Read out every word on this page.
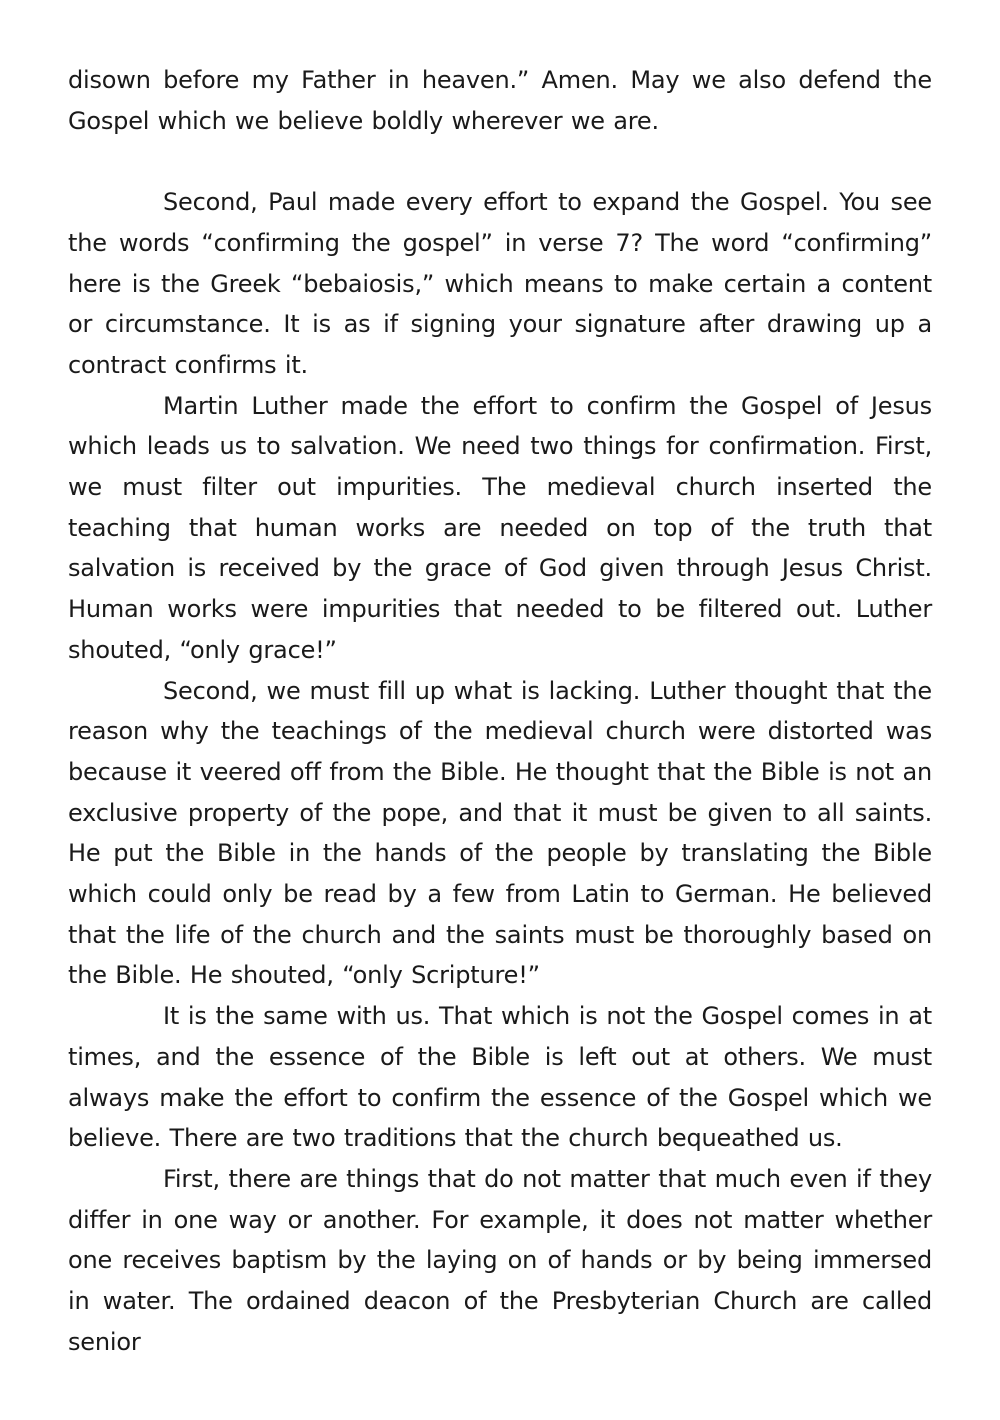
disown before my Father in heaven.” Amen. May we also defend the Gospel which we believe boldly wherever we are.

Second, Paul made every effort to expand the Gospel. You see the words “confirming the gospel” in verse 7? The word “confirming” here is the Greek “bebaiosis,” which means to make certain a content or circumstance. It is as if signing your signature after drawing up a contract confirms it.

Martin Luther made the effort to confirm the Gospel of Jesus which leads us to salvation. We need two things for confirmation. First, we must filter out impurities. The medieval church inserted the teaching that human works are needed on top of the truth that salvation is received by the grace of God given through Jesus Christ. Human works were impurities that needed to be filtered out. Luther shouted, “only grace!”

Second, we must fill up what is lacking. Luther thought that the reason why the teachings of the medieval church were distorted was because it veered off from the Bible. He thought that the Bible is not an exclusive property of the pope, and that it must be given to all saints. He put the Bible in the hands of the people by translating the Bible which could only be read by a few from Latin to German. He believed that the life of the church and the saints must be thoroughly based on the Bible. He shouted, “only Scripture!”

It is the same with us. That which is not the Gospel comes in at times, and the essence of the Bible is left out at others. We must always make the effort to confirm the essence of the Gospel which we believe. There are two traditions that the church bequeathed us.

First, there are things that do not matter that much even if they differ in one way or another. For example, it does not matter whether one receives baptism by the laying on of hands or by being immersed in water. The ordained deacon of the Presbyterian Church are called senior
